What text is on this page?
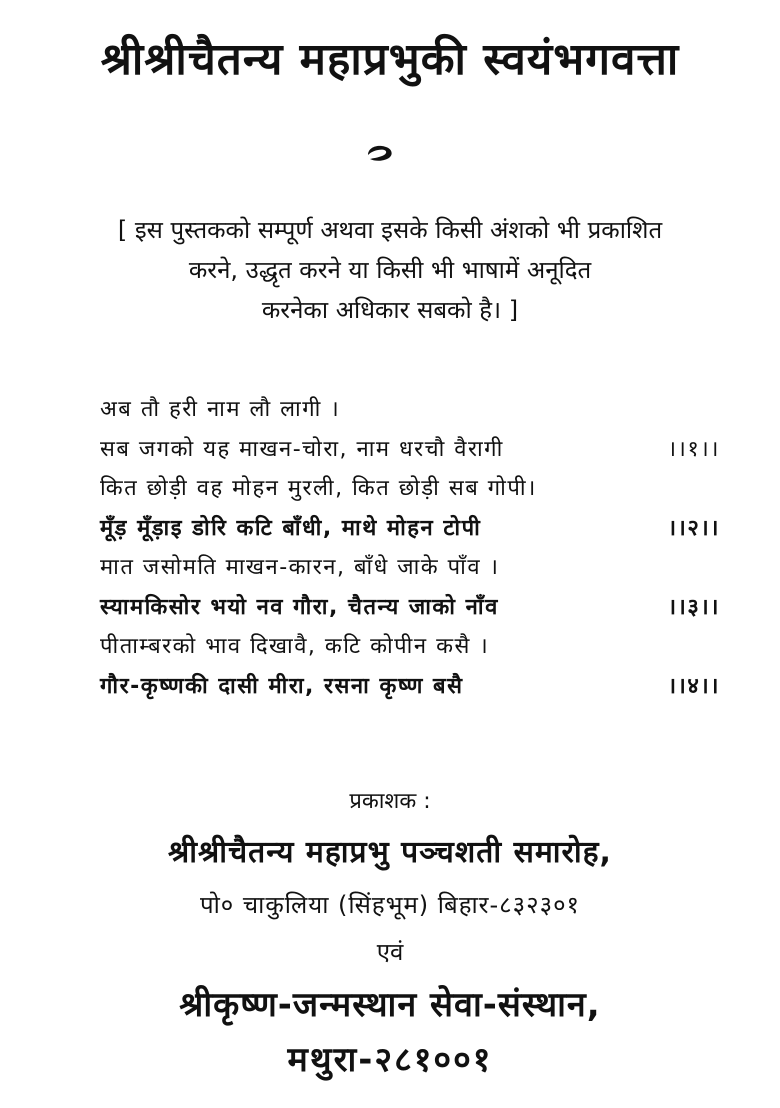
श्रीश्रीचैतन्य महाप्रभुकी स्वयंभगवत्ता
[ इस पुस्तकको सम्पूर्ण अथवा इसके किसी अंशको भी प्रकाशित
करने, उद्धृत करने या किसी भी भाषामें अनूदित
करनेका अधिकार सबको है। ]
अब तौ हरी नाम लौ लागी ।
सब जगको यह माखन-चोरा, नाम धरचौ वैरागी	।।१।।
कित छोड़ी वह मोहन मुरली, कित छोड़ी सब गोपी।
मूँड़ मूँड़ाइ डोरि कटि बाँधी, माथे मोहन टोपी	।।२।।
मात जसोमति माखन-कारन, बाँधे जाके पाँव ।
स्यामकिसोर भयो नव गौरा, चैतन्य जाको नाँव	।।३।।
पीताम्बरको भाव दिखावै, कटि कोपीन कसै ।
गौर-कृष्णकी दासी मीरा, रसना कृष्ण बसै	।।४।।
प्रकाशक :
श्रीश्रीचैतन्य महाप्रभु पञ्चशती समारोह,
पो० चाकुलिया (सिंहभूम) बिहार-८३२३०१
एवं
श्रीकृष्ण-जन्मस्थान सेवा-संस्थान,
मथुरा-२८१००१
